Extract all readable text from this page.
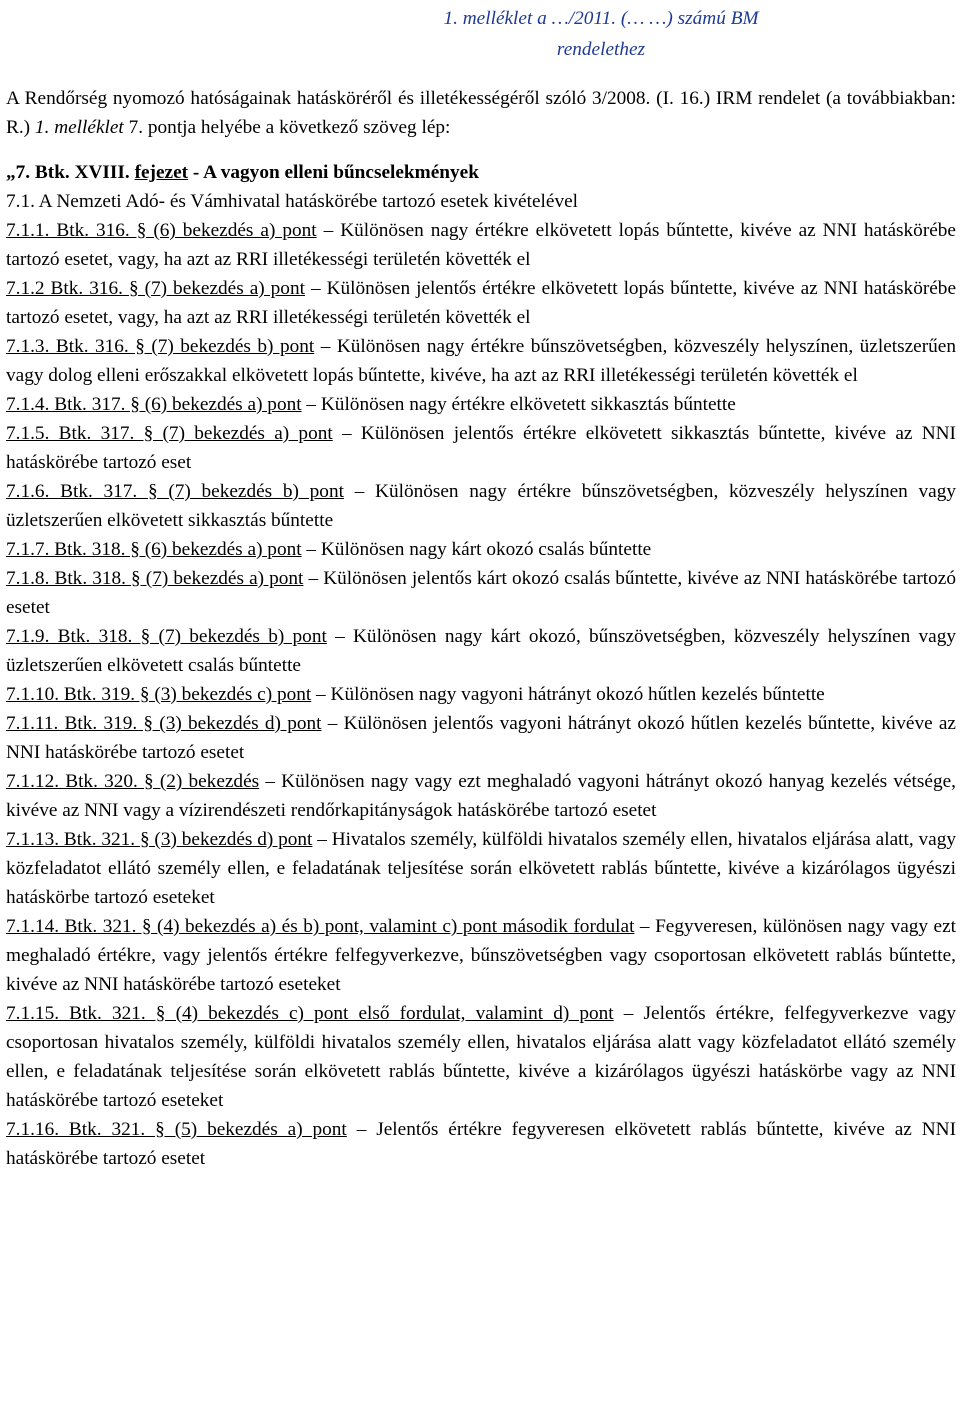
1. melléklet a …/2011. (… …) számú BM
rendelethez

A Rendőrség nyomozó hatóságainak hatásköréről és illetékességéről szóló 3/2008. (I. 16.) IRM rendelet (a továbbiakban: R.) 1. melléklet 7. pontja helyébe a következő szöveg lép:

„7. Btk. XVIII. fejezet - A vagyon elleni bűncselekmények

7.1. A Nemzeti Adó- és Vámhivatal hatáskörébe tartozó esetek kivételével

7.1.1. Btk. 316. § (6) bekezdés a) pont – Különösen nagy értékre elkövetett lopás bűntette, kivéve az NNI hatáskörébe tartozó esetet, vagy, ha azt az RRI illetékességi területén követték el

7.1.2 Btk. 316. § (7) bekezdés a) pont – Különösen jelentős értékre elkövetett lopás bűntette, kivéve az NNI hatáskörébe tartozó esetet, vagy, ha azt az RRI illetékességi területén követték el

7.1.3. Btk. 316. § (7) bekezdés b) pont – Különösen nagy értékre bűnszövetségben, közveszély helyszínen, üzletszerűen vagy dolog elleni erőszakkal elkövetett lopás bűntette, kivéve, ha azt az RRI illetékességi területén követték el

7.1.4. Btk. 317. § (6) bekezdés a) pont – Különösen nagy értékre elkövetett sikkasztás bűntette

7.1.5. Btk. 317. § (7) bekezdés a) pont – Különösen jelentős értékre elkövetett sikkasztás bűntette, kivéve az NNI hatáskörébe tartozó eset

7.1.6. Btk. 317. § (7) bekezdés b) pont – Különösen nagy értékre bűnszövetségben, közveszély helyszínen vagy üzletszerűen elkövetett sikkasztás bűntette

7.1.7. Btk. 318. § (6) bekezdés a) pont – Különösen nagy kárt okozó csalás bűntette

7.1.8. Btk. 318. § (7) bekezdés a) pont – Különösen jelentős kárt okozó csalás bűntette, kivéve az NNI hatáskörébe tartozó esetet

7.1.9. Btk. 318. § (7) bekezdés b) pont – Különösen nagy kárt okozó, bűnszövetségben, közveszély helyszínen vagy üzletszerűen elkövetett csalás bűntette

7.1.10. Btk. 319. § (3) bekezdés c) pont – Különösen nagy vagyoni hátrányt okozó hűtlen kezelés bűntette

7.1.11. Btk. 319. § (3) bekezdés d) pont – Különösen jelentős vagyoni hátrányt okozó hűtlen kezelés bűntette, kivéve az NNI hatáskörébe tartozó esetet

7.1.12. Btk. 320. § (2) bekezdés – Különösen nagy vagy ezt meghaladó vagyoni hátrányt okozó hanyag kezelés vétsége, kivéve az NNI vagy a vízirendészeti rendőrkapitányságok hatáskörébe tartozó esetet

7.1.13. Btk. 321. § (3) bekezdés d) pont – Hivatalos személy, külföldi hivatalos személy ellen, hivatalos eljárása alatt, vagy közfeladatot ellátó személy ellen, e feladatának teljesítése során elkövetett rablás bűntette, kivéve a kizárólagos ügyészi hatáskörbe tartozó eseteket

7.1.14. Btk. 321. § (4) bekezdés a) és b) pont, valamint c) pont második fordulat – Fegyveresen, különösen nagy vagy ezt meghaladó értékre, vagy jelentős értékre felfegyverkezve, bűnszövetségben vagy csoportosan elkövetett rablás bűntette, kivéve az NNI hatáskörébe tartozó eseteket

7.1.15. Btk. 321. § (4) bekezdés c) pont első fordulat, valamint d) pont – Jelentős értékre, felfegyverkezve vagy csoportosan hivatalos személy, külföldi hivatalos személy ellen, hivatalos eljárása alatt vagy közfeladatot ellátó személy ellen, e feladatának teljesítése során elkövetett rablás bűntette, kivéve a kizárólagos ügyészi hatáskörbe vagy az NNI hatáskörébe tartozó eseteket

7.1.16. Btk. 321. § (5) bekezdés a) pont – Jelentős értékre fegyveresen elkövetett rablás bűntette, kivéve az NNI hatáskörébe tartozó esetet
